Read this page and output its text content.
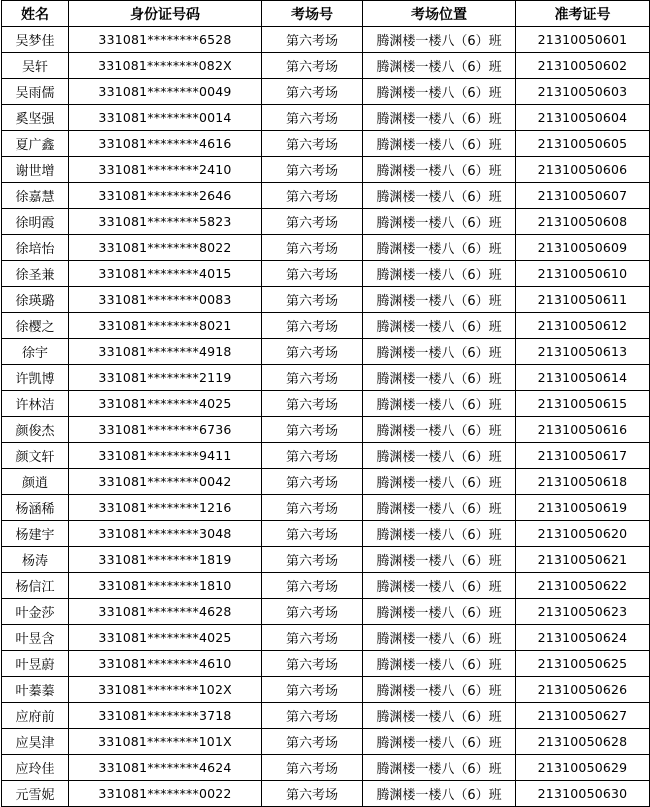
姓名	身份证号码	考场号	考场位置	准考证号
吴梦佳	331081********6528	第六考场	腾渊楼一楼八（6）班	21310050601
吴轩	331081********082X	第六考场	腾渊楼一楼八（6）班	21310050602
吴雨儒	331081********0049	第六考场	腾渊楼一楼八（6）班	21310050603
奚坚强	331081********0014	第六考场	腾渊楼一楼八（6）班	21310050604
夏广鑫	331081********4616	第六考场	腾渊楼一楼八（6）班	21310050605
谢世增	331081********2410	第六考场	腾渊楼一楼八（6）班	21310050606
徐嘉慧	331081********2646	第六考场	腾渊楼一楼八（6）班	21310050607
徐明霞	331081********5823	第六考场	腾渊楼一楼八（6）班	21310050608
徐培怡	331081********8022	第六考场	腾渊楼一楼八（6）班	21310050609
徐圣兼	331081********4015	第六考场	腾渊楼一楼八（6）班	21310050610
徐瑛璐	331081********0083	第六考场	腾渊楼一楼八（6）班	21310050611
徐樱之	331081********8021	第六考场	腾渊楼一楼八（6）班	21310050612
徐宇	331081********4918	第六考场	腾渊楼一楼八（6）班	21310050613
许凯博	331081********2119	第六考场	腾渊楼一楼八（6）班	21310050614
许林洁	331081********4025	第六考场	腾渊楼一楼八（6）班	21310050615
颜俊杰	331081********6736	第六考场	腾渊楼一楼八（6）班	21310050616
颜文轩	331081********9411	第六考场	腾渊楼一楼八（6）班	21310050617
颜逍	331081********0042	第六考场	腾渊楼一楼八（6）班	21310050618
杨涵稀	331081********1216	第六考场	腾渊楼一楼八（6）班	21310050619
杨建宇	331081********3048	第六考场	腾渊楼一楼八（6）班	21310050620
杨涛	331081********1819	第六考场	腾渊楼一楼八（6）班	21310050621
杨信江	331081********1810	第六考场	腾渊楼一楼八（6）班	21310050622
叶金莎	331081********4628	第六考场	腾渊楼一楼八（6）班	21310050623
叶昱含	331081********4025	第六考场	腾渊楼一楼八（6）班	21310050624
叶昱蔚	331081********4610	第六考场	腾渊楼一楼八（6）班	21310050625
叶蓁蓁	331081********102X	第六考场	腾渊楼一楼八（6）班	21310050626
应府前	331081********3718	第六考场	腾渊楼一楼八（6）班	21310050627
应昊津	331081********101X	第六考场	腾渊楼一楼八（6）班	21310050628
应玲佳	331081********4624	第六考场	腾渊楼一楼八（6）班	21310050629
元雪妮	331081********0022	第六考场	腾渊楼一楼八（6）班	21310050630
